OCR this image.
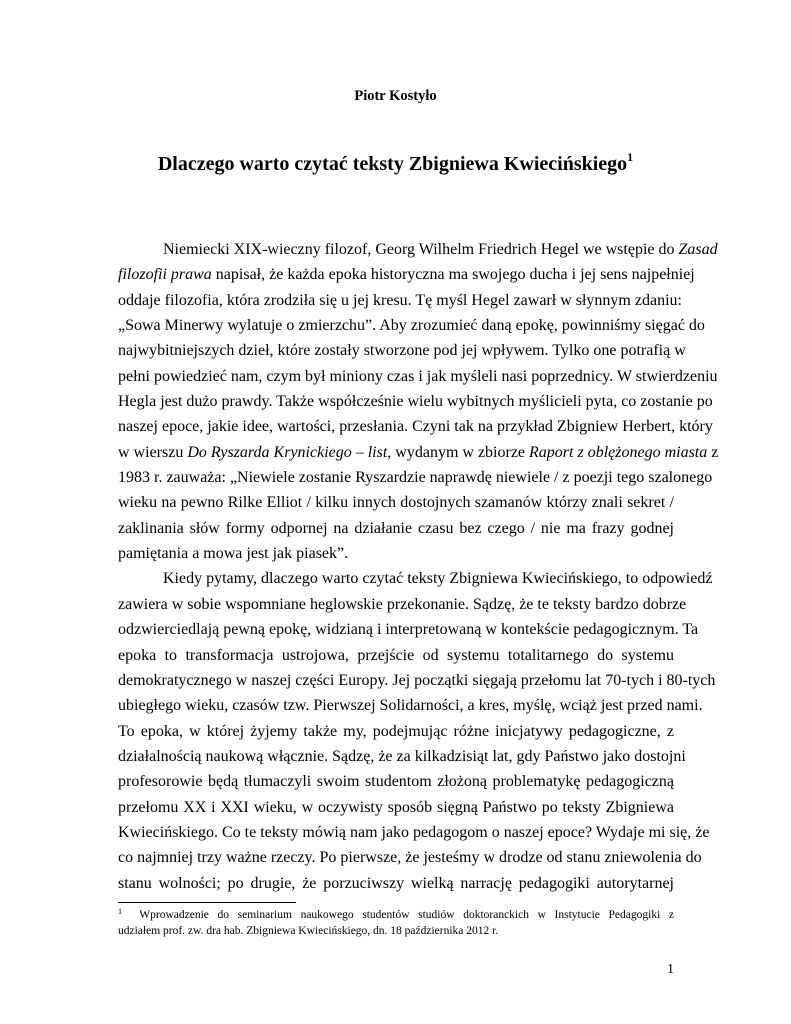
Piotr Kostyło
Dlaczego warto czytać teksty Zbigniewa Kwiecińskiego$^1$
Niemiecki XIX-wieczny filozof, Georg Wilhelm Friedrich Hegel we wstępie do Zasad
filozofii prawa napisał, że każda epoka historyczna ma swojego ducha i jej sens najpełniej
oddaje filozofia, która zrodziła się u jej kresu. Tę myśl Hegel zawarł w słynnym zdaniu:
„Sowa Minerwy wylatuje o zmierzchu”. Aby zrozumieć daną epokę, powinniśmy sięgać do
najwybitniejszych dzieł, które zostały stworzone pod jej wpływem. Tylko one potrafią w
pełni powiedzieć nam, czym był miniony czas i jak myśleli nasi poprzednicy. W stwierdzeniu
Hegla jest dużo prawdy. Także współcześnie wielu wybitnych myślicieli pyta, co zostanie po
naszej epoce, jakie idee, wartości, przesłania. Czyni tak na przykład Zbigniew Herbert, który
w wierszu Do Ryszarda Krynickiego – list, wydanym w zbiorze Raport z oblężonego miasta z
1983 r. zauważa: „Niewiele zostanie Ryszardzie naprawdę niewiele / z poezji tego szalonego
wieku na pewno Rilke Elliot / kilku innych dostojnych szamanów którzy znali sekret /
zaklinania słów formy odpornej na działanie czasu bez czego / nie ma frazy godnej
pamiętania a mowa jest jak piasek”.
Kiedy pytamy, dlaczego warto czytać teksty Zbigniewa Kwiecińskiego, to odpowiedź
zawiera w sobie wspomniane heglowskie przekonanie. Sądzę, że te teksty bardzo dobrze
odzwierciedlają pewną epokę, widzianą i interpretowaną w kontekście pedagogicznym. Ta
epoka to transformacja ustrojowa, przejście od systemu totalitarnego do systemu
demokratycznego w naszej części Europy. Jej początki sięgają przełomu lat 70-tych i 80-tych
ubiegłego wieku, czasów tzw. Pierwszej Solidarności, a kres, myślę, wciąż jest przed nami.
To epoka, w której żyjemy także my, podejmując różne inicjatywy pedagogiczne, z
działalnością naukową włącznie. Sądzę, że za kilkadzisiąt lat, gdy Państwo jako dostojni
profesorowie będą tłumaczyli swoim studentom złożoną problematykę pedagogiczną
przełomu XX i XXI wieku, w oczywisty sposób sięgną Państwo po teksty Zbigniewa
Kwiecińskiego. Co te teksty mówią nam jako pedagogom o naszej epoce? Wydaje mi się, że
co najmniej trzy ważne rzeczy. Po pierwsze, że jesteśmy w drodze od stanu zniewolenia do
stanu wolności; po drugie, że porzuciwszy wielką narrację pedagogiki autorytarnej
$^1$ Wprowadzenie do seminarium naukowego studentów studiów doktoranckich w Instytucie Pedagogiki z
udziałem prof. zw. dra hab. Zbigniewa Kwiecińskiego, dn. 18 października 2012 r.
1
